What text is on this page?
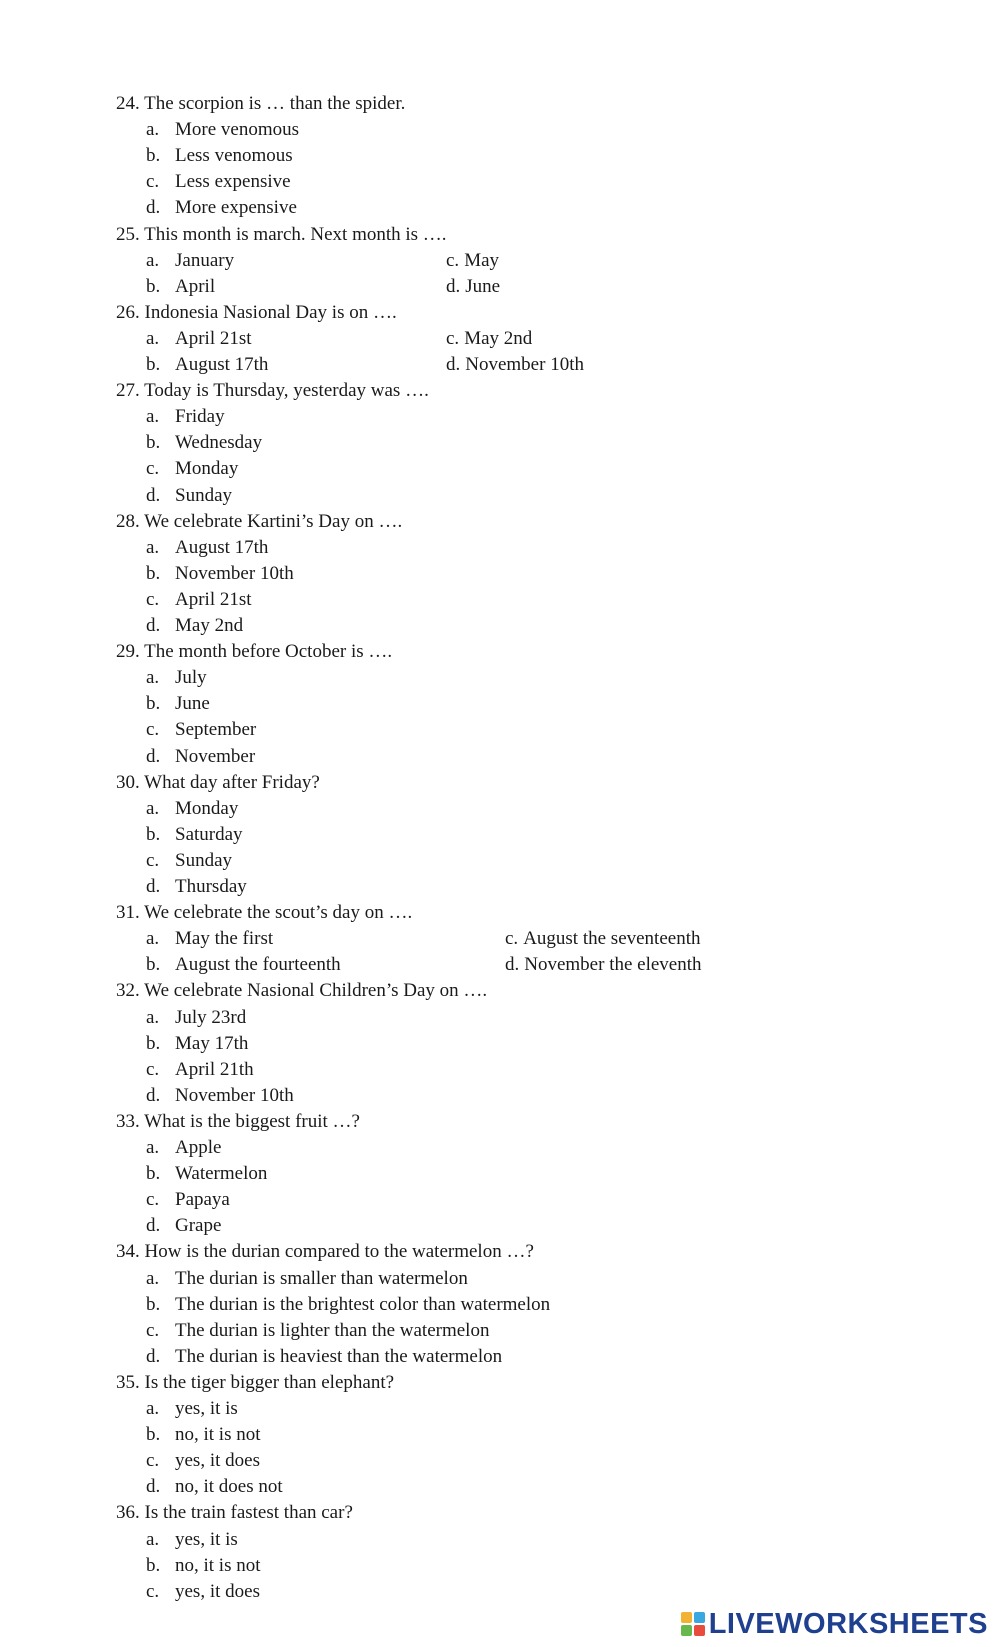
24. The scorpion is … than the spider.
a. More venomous
b. Less venomous
c. Less expensive
d. More expensive
25. This month is march. Next month is ….
a. January	c. May
b. April	d. June
26. Indonesia Nasional Day is on ….
a. April 21st	c. May 2nd
b. August 17th	d. November 10th
27. Today is Thursday, yesterday was ….
a. Friday
b. Wednesday
c. Monday
d. Sunday
28. We celebrate Kartini’s Day on ….
a. August 17th
b. November 10th
c. April 21st
d. May 2nd
29. The month before October is ….
a. July
b. June
c. September
d. November
30. What day after Friday?
a. Monday
b. Saturday
c. Sunday
d. Thursday
31. We celebrate the scout’s day on ….
a. May the first	c. August the seventeenth
b. August the fourteenth	d. November the eleventh
32. We celebrate Nasional Children’s Day on ….
a. July 23rd
b. May 17th
c. April 21th
d. November 10th
33. What is the biggest fruit …?
a. Apple
b. Watermelon
c. Papaya
d. Grape
34. How is the durian compared to the watermelon …?
a. The durian is smaller than watermelon
b. The durian is the brightest color than watermelon
c. The durian is lighter than the watermelon
d. The durian is heaviest than the watermelon
35. Is the tiger bigger than elephant?
a. yes, it is
b. no, it is not
c. yes, it does
d. no, it does not
36. Is the train fastest than car?
a. yes, it is
b. no, it is not
c. yes, it does
LIVEWORKSHEETS
